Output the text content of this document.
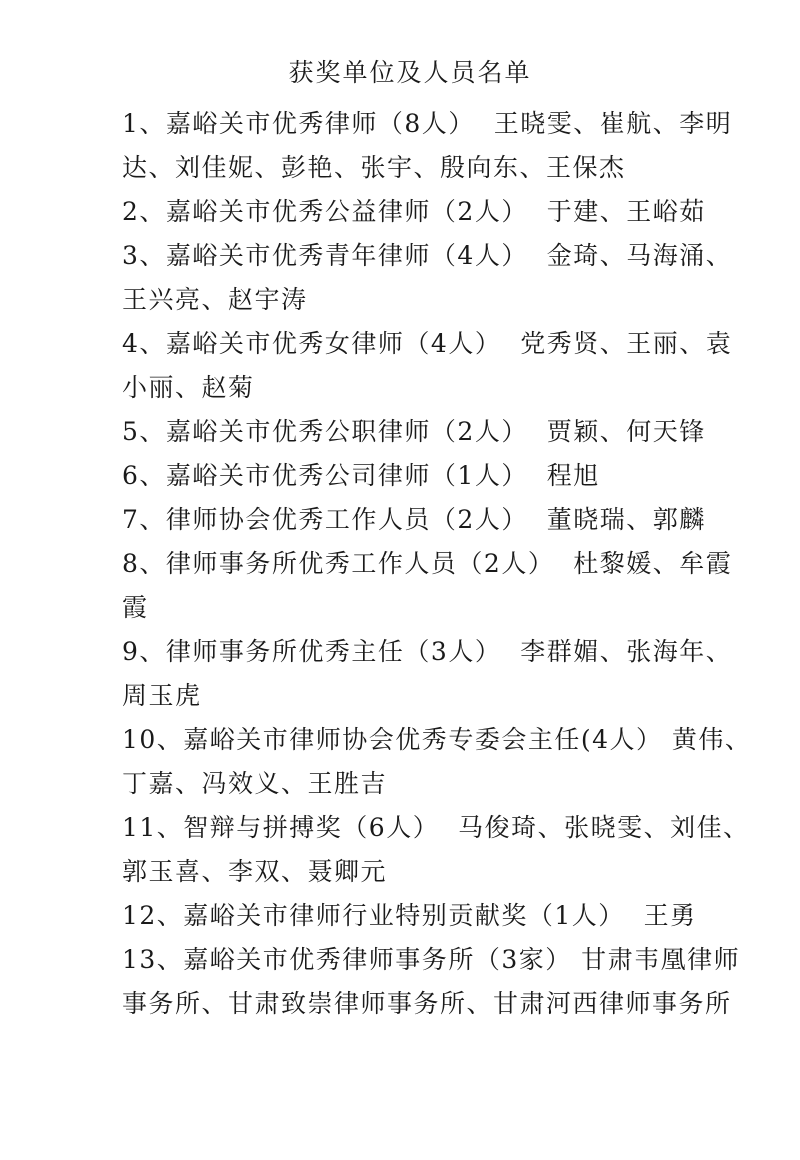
获奖单位及人员名单
1、嘉峪关市优秀律师（8人）  王晓雯、崔航、李明
达、刘佳妮、彭艳、张宇、殷向东、王保杰
2、嘉峪关市优秀公益律师（2人）  于建、王峪茹
3、嘉峪关市优秀青年律师（4人）  金琦、马海涌、
王兴亮、赵宇涛
4、嘉峪关市优秀女律师（4人）  党秀贤、王丽、袁
小丽、赵菊
5、嘉峪关市优秀公职律师（2人）  贾颖、何天锋
6、嘉峪关市优秀公司律师（1人）  程旭
7、律师协会优秀工作人员（2人）  董晓瑞、郭麟
8、律师事务所优秀工作人员（2人）  杜黎媛、牟霞
霞
9、律师事务所优秀主任（3人）  李群媚、张海年、
周玉虎
10、嘉峪关市律师协会优秀专委会主任(4人） 黄伟、
丁嘉、冯效义、王胜吉
11、智辩与拼搏奖（6人）  马俊琦、张晓雯、刘佳、
郭玉喜、李双、聂卿元
12、嘉峪关市律师行业特别贡献奖（1人）  王勇
13、嘉峪关市优秀律师事务所（3家） 甘肃韦凰律师
事务所、甘肃致崇律师事务所、甘肃河西律师事务所
